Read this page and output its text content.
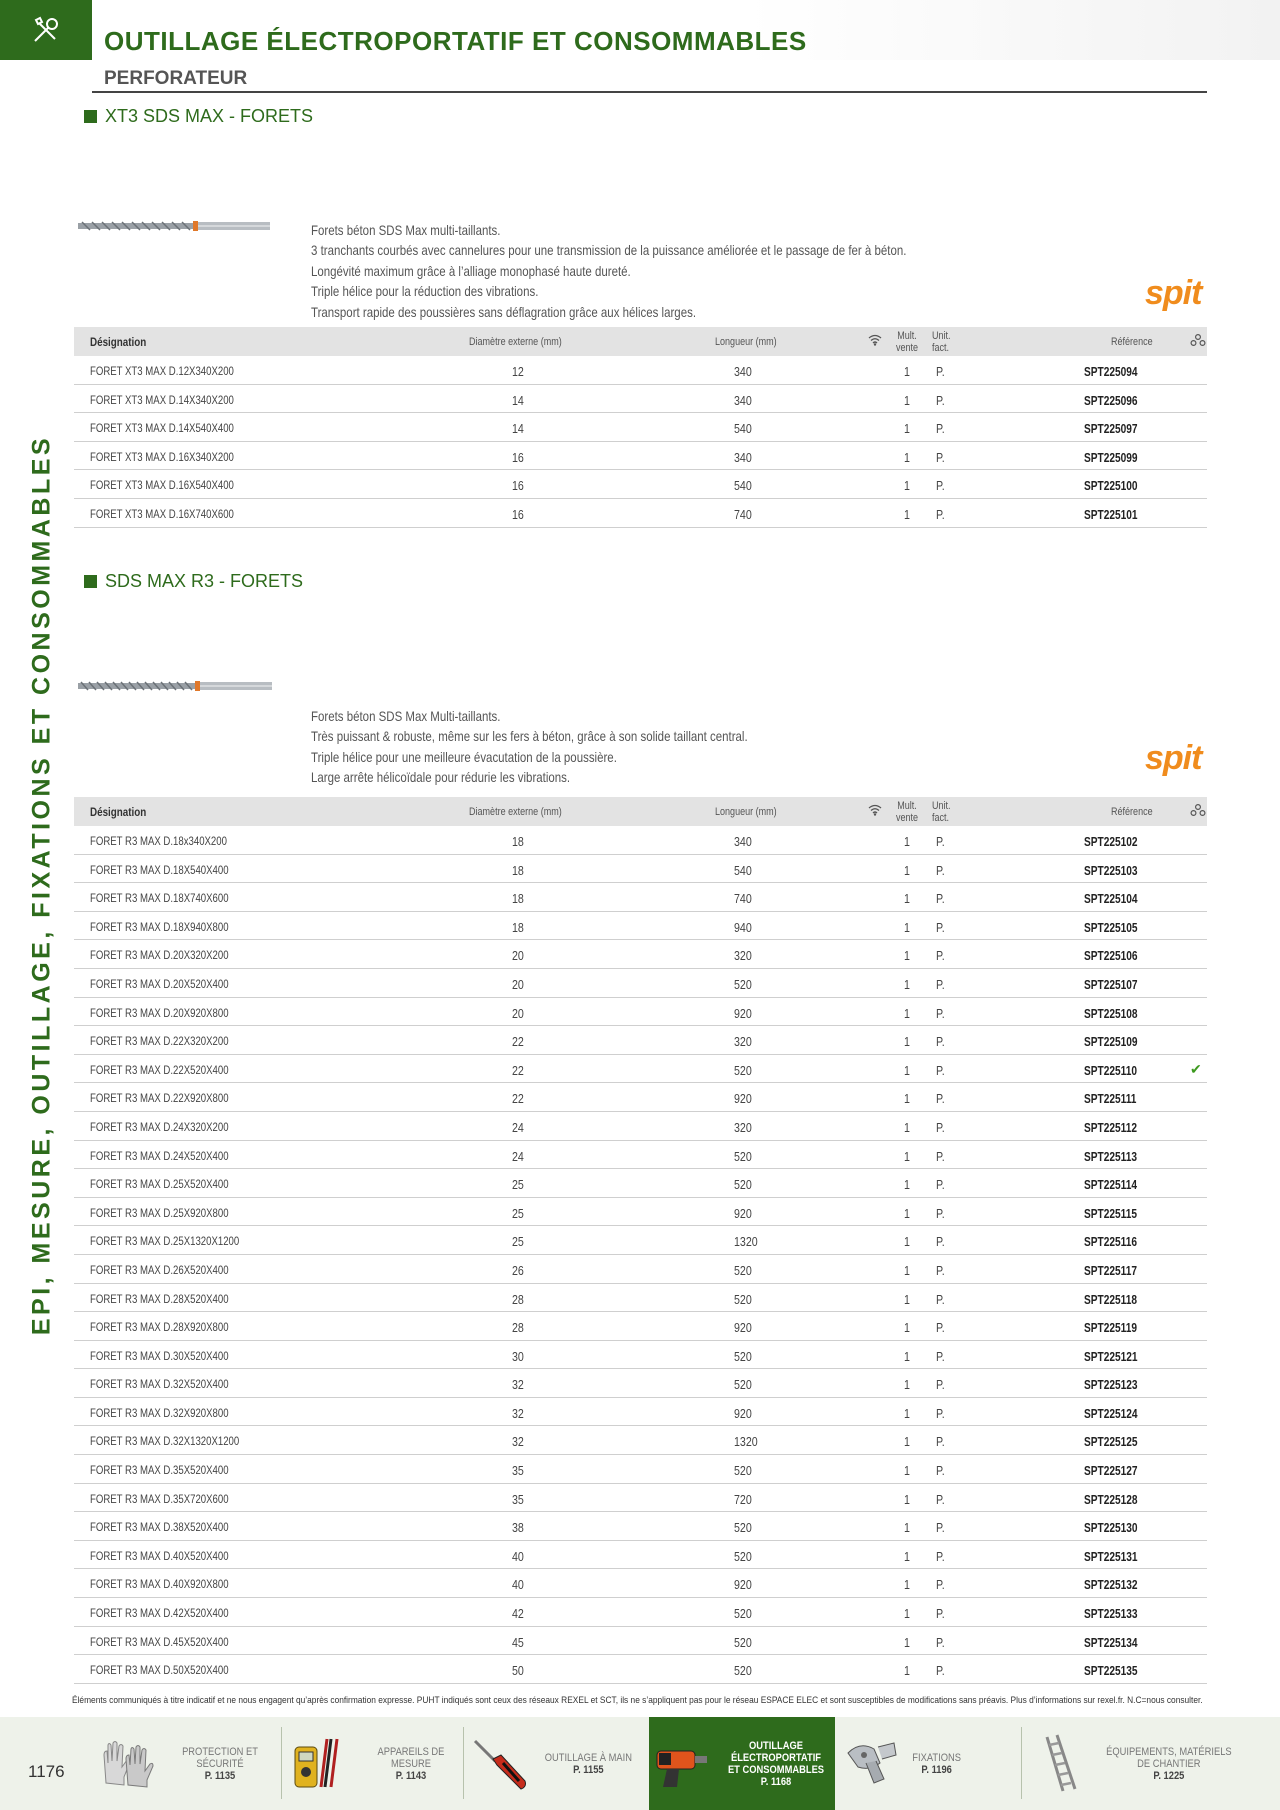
OUTILLAGE ÉLECTROPORTATIF ET CONSOMMABLES
PERFORATEUR
EPI, MESURE, OUTILLAGE, FIXATIONS ET CONSOMMABLES
XT3 SDS MAX - FORETS
Forets béton SDS Max multi-taillants.
3 tranchants courbés avec cannelures pour une transmission de la puissance améliorée et le passage de fer à béton.
Longévité maximum grâce à l’alliage monophasé haute dureté.
Triple hélice pour la réduction des vibrations.
Transport rapide des poussières sans déflagration grâce aux hélices larges.	spit
Désignation	Diamètre externe (mm)	Longueur (mm)	Mult.
vente
Unit.
fact.	Référence
FORET XT3 MAX D.12X340X200	12	340	1 P.	SPT225094
FORET XT3 MAX D.14X340X200	14	340	1 P.	SPT225096
FORET XT3 MAX D.14X540X400	14	540	1 P.	SPT225097
FORET XT3 MAX D.16X340X200	16	340	1 P.	SPT225099
FORET XT3 MAX D.16X540X400	16	540	1 P.	SPT225100
FORET XT3 MAX D.16X740X600	16	740	1 P.	SPT225101
SDS MAX R3 - FORETS
Forets béton SDS Max Multi-taillants.
Très puissant & robuste, même sur les fers à béton, grâce à son solide taillant central.
Triple hélice pour une meilleure évacutation de la poussière.
Large arrête hélicoïdale pour rédurie les vibrations.
spit
Désignation	Diamètre externe (mm)	Longueur (mm)	Mult.
vente
Unit.
fact.	Référence
FORET R3 MAX D.18x340X200	18	340	1 P.	SPT225102
FORET R3 MAX D.18X540X400	18	540	1 P.	SPT225103
FORET R3 MAX D.18X740X600	18	740	1 P.	SPT225104
FORET R3 MAX D.18X940X800	18	940	1 P.	SPT225105
FORET R3 MAX D.20X320X200	20	320	1 P.	SPT225106
FORET R3 MAX D.20X520X400	20	520	1 P.	SPT225107
FORET R3 MAX D.20X920X800	20	920	1 P.	SPT225108
FORET R3 MAX D.22X320X200	22	320	1 P.	SPT225109
FORET R3 MAX D.22X520X400	22	520	1 P.	SPT225110	✔
FORET R3 MAX D.22X920X800	22	920	1 P.	SPT225111
FORET R3 MAX D.24X320X200	24	320	1 P.	SPT225112
FORET R3 MAX D.24X520X400	24	520	1 P.	SPT225113
FORET R3 MAX D.25X520X400	25	520	1 P.	SPT225114
FORET R3 MAX D.25X920X800	25	920	1 P.	SPT225115
FORET R3 MAX D.25X1320X1200	25	1320	1 P.	SPT225116
FORET R3 MAX D.26X520X400	26	520	1 P.	SPT225117
FORET R3 MAX D.28X520X400	28	520	1 P.	SPT225118
FORET R3 MAX D.28X920X800	28	920	1 P.	SPT225119
FORET R3 MAX D.30X520X400	30	520	1 P.	SPT225121
FORET R3 MAX D.32X520X400	32	520	1 P.	SPT225123
FORET R3 MAX D.32X920X800	32	920	1 P.	SPT225124
FORET R3 MAX D.32X1320X1200	32	1320	1 P.	SPT225125
FORET R3 MAX D.35X520X400	35	520	1 P.	SPT225127
FORET R3 MAX D.35X720X600	35	720	1 P.	SPT225128
FORET R3 MAX D.38X520X400	38	520	1 P.	SPT225130
FORET R3 MAX D.40X520X400	40	520	1 P.	SPT225131
FORET R3 MAX D.40X920X800	40	920	1 P.	SPT225132
FORET R3 MAX D.42X520X400	42	520	1 P.	SPT225133
FORET R3 MAX D.45X520X400	45	520	1 P.	SPT225134
FORET R3 MAX D.50X520X400	50	520	1 P.	SPT225135
Éléments communiqués à titre indicatif et ne nous engagent qu’après confirmation expresse. PUHT indiqués sont ceux des réseaux REXEL et SCT, ils ne s’appliquent pas pour le réseau ESPACE ELEC et sont susceptibles de modifications sans préavis. Plus d’informations sur rexel.fr. N.C=nous consulter.
1176
PROTECTION ET SÉCURITÉ
P. 1135
APPAREILS DE MESURE
P. 1143
OUTILLAGE À MAIN
P. 1155
OUTILLAGE ÉLECTROPORTATIF
ET CONSOMMABLES
P. 1168
FIXATIONS
P. 1196
ÉQUIPEMENTS, MATÉRIELS
DE CHANTIER
P. 1225
